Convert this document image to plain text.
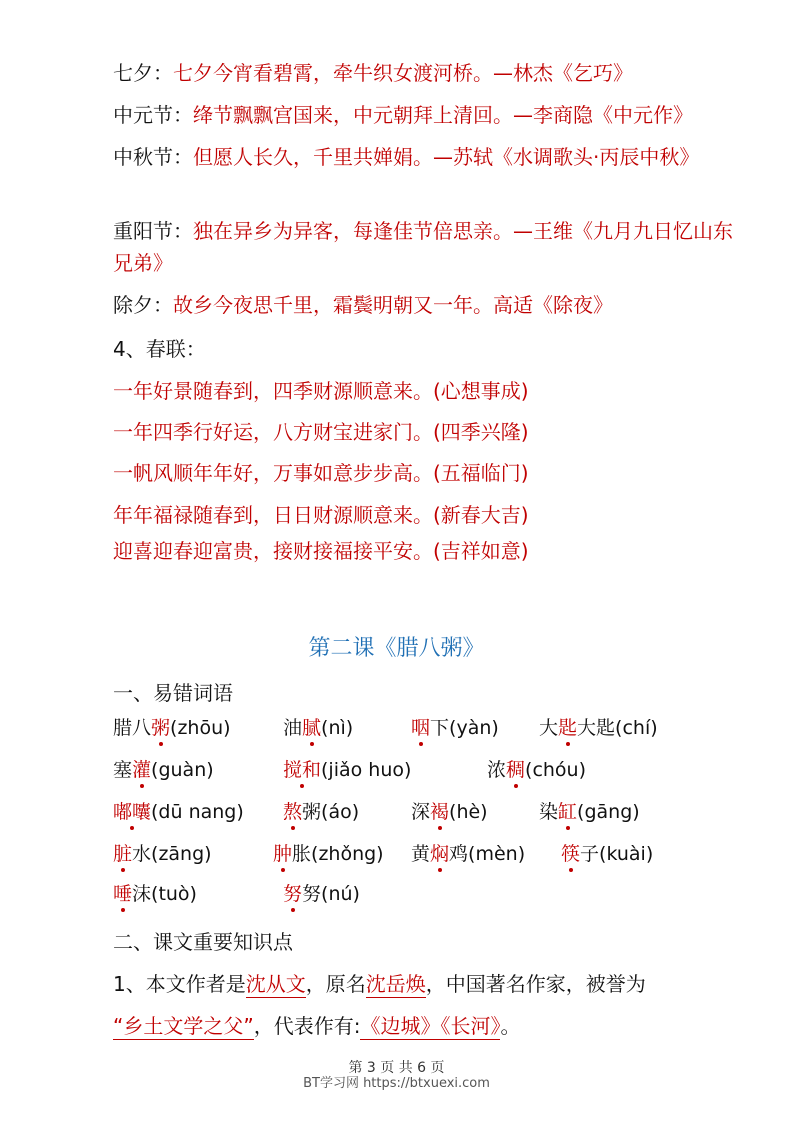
七夕：七夕今宵看碧霄，牵牛织女渡河桥。—林杰《乞巧》
中元节：绛节飘飘宫国来，中元朝拜上清回。—李商隐《中元作》
中秋节：但愿人长久，千里共婵娟。—苏轼《水调歌头·丙辰中秋》
重阳节：独在异乡为异客，每逢佳节倍思亲。—王维《九月九日忆山东兄弟》
除夕：故乡今夜思千里，霜鬓明朝又一年。高适《除夜》
4、春联：
一年好景随春到，四季财源顺意来。(心想事成)
一年四季行好运，八方财宝进家门。(四季兴隆)
一帆风顺年年好，万事如意步步高。(五福临门)
年年福禄随春到，日日财源顺意来。(新春大吉)
迎喜迎春迎富贵，接财接福接平安。(吉祥如意)
第二课《腊八粥》
一、易错词语
腊八粥(zhōu)	油腻(nì)	咽下(yàn) 大匙大匙(chí)
塞灌(guàn)	搅和(jiǎo huo)	浓稠(chóu)
嘟囔(dū nang) 熬粥(áo)	深褐(hè)	染缸(gāng)
脏水(zāng)	肿胀(zhǒng) 黄焖鸡(mèn) 筷子(kuài)
唾沫(tuò)	努努(nú)
二、课文重要知识点
1、本文作者是沈从文，原名沈岳焕，中国著名作家，被誉为
“乡土文学之父”，代表作有:《边城》《长河》。
第 3 页 共 6 页
BT学习网 https://btxuexi.com
